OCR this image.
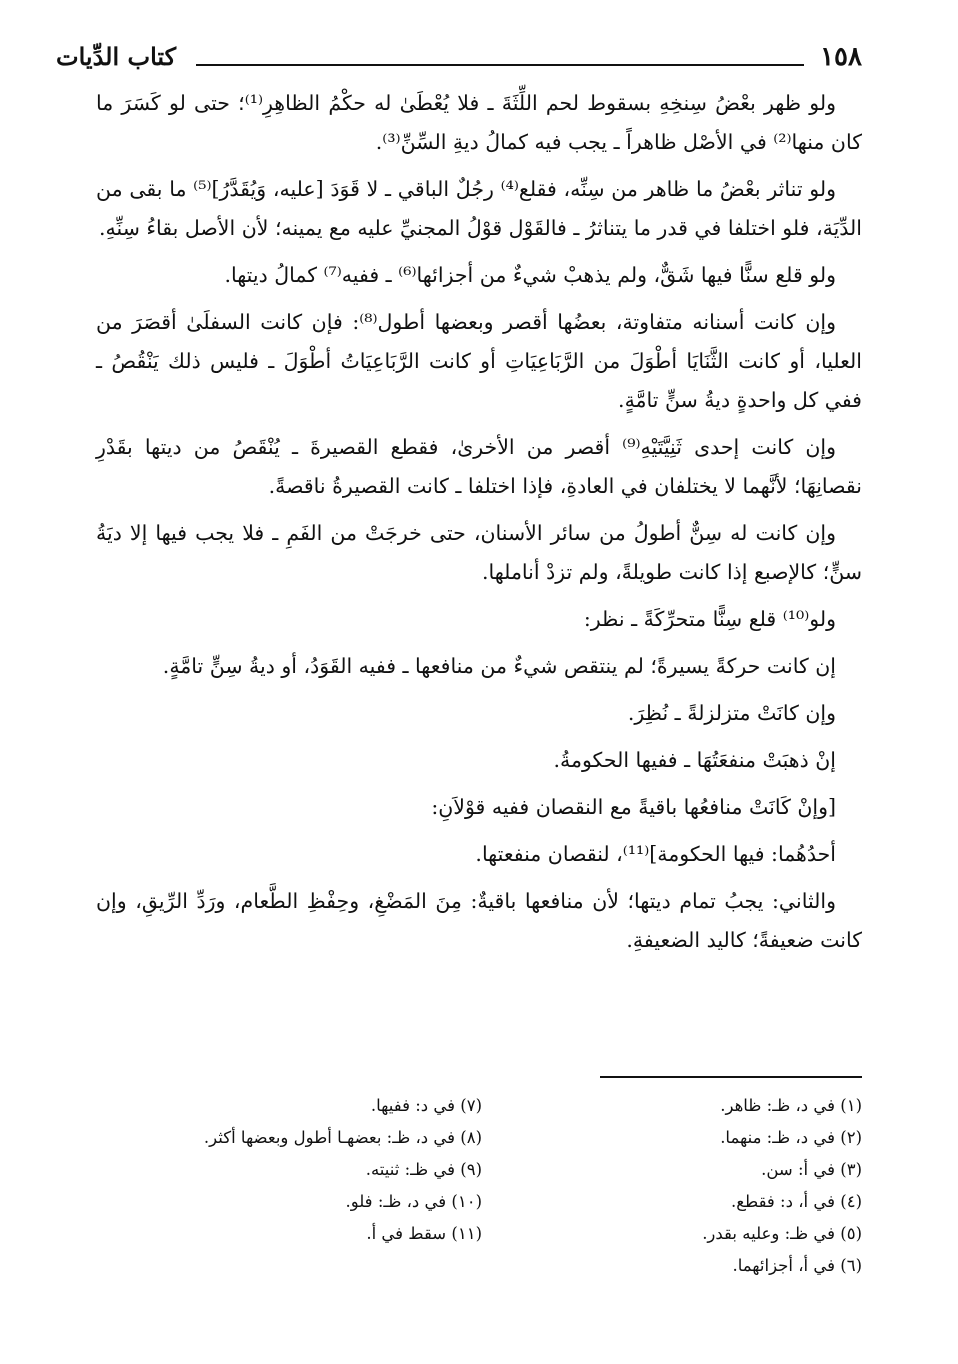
١٥٨
كتاب الدِّيات

ولو ظهر بعْضُ سِنخِهِ بسقوط لحم اللِّثَةَ ـ فلا يُعْطَىٰ له حكْمُ الظاهِرِ⁽¹⁾؛ حتى لو كَسَرَ ما كان منها⁽²⁾ في الأصْل ظاهراً ـ يجب فيه كمالُ ديةِ السِّنِّ⁽³⁾.

ولو تناثر بعْضُ ما ظاهر من سِنِّه، فقلع⁽⁴⁾ رجُلٌ الباقي ـ لا قَوَدَ [عليه، وَيُقَدَّرُ]⁽⁵⁾ ما بقى من الدِّيَة، فلو اختلفا في قدر ما يتناثرُ ـ فالقَوْل قوْلُ المجنيِّ عليه مع يمينه؛ لأن الأصل بقاءُ سِنِّهِ.

ولو قلع سنًّا فيها شَقٌّ، ولم يذهبْ شيءٌ من أجزائها⁽⁶⁾ ـ ففيه⁽⁷⁾ كمالُ ديتها.

وإن كانت أسنانه متفاوتة، بعضُها أقصر وبعضها أطول⁽⁸⁾: فإن كانت السفلَىٰ أقصَرَ من العليا، أو كانت الثَّنَايَا أطْوَلَ من الرَّبَاعِيَاتِ أو كانت الرَّبَاعِيَاتُ أطْوَلَ ـ فليس ذلك يَنْقُصُ ـ ففي كل واحدةٍ ديةُ سنٍّ تامَّةٍ.

وإن كانت إحدى ثَنِيَّتَيْهِ⁽⁹⁾ أقصر من الأخرىٰ، فقطع القصيرةَ ـ يُنْقَصُ من ديتها بقَدْرِ نقصانِهَا؛ لأنَّهما لا يختلفان في العادةِ، فإذا اختلفا ـ كانت القصيرةُ ناقصةً.

وإن كانت له سِنٌّ أطولُ من سائر الأسنان، حتى خرجَتْ من الفَمِ ـ فلا يجب فيها إلا ديَةُ سنٍّ؛ كالإصبع إذا كانت طويلةً، ولم تزدْ أناملها.

ولو⁽¹⁰⁾ قلع سِنًّا متحرِّكَةً ـ نظر:

إن كانت حركةً يسيرةً؛ لم ينتقص شيءٌ من منافعها ـ ففيه القَوَدُ، أو ديةُ سِنٍّ تامَّةٍ.

وإن كانَتْ متزلزلةً ـ نُظِرَ.

إنْ ذهبَتْ منفعَتُهَا ـ ففيها الحكومةُ.

[وإنْ كَانَتْ منافعُها باقيةً مع النقصان ففيه قوْلاَنِ:

أحدُهُما: فيها الحكومة]⁽¹¹⁾، لنقصان منفعتها.

والثاني: يجبُ تمام ديتها؛ لأن منافعها باقيةٌ: مِنَ المَضْغِ، وحِفْظِ الطَّعام، ورَدِّ الرِّيقِ، وإن كانت ضعيفةً؛ كاليد الضعيفةِ.

(١) في د، ظـ: ظاهر.
(٢) في د، ظـ: منهما.
(٣) في أ: سن.
(٤) في أ، د: فقطع.
(٥) في ظـ: وعليه بقدر.
(٦) في أ، أجزائهما.
(٧) في د: ففيها.
(٨) في د، ظـ: بعضهـا أطول وبعضها أكثر.
(٩) في ظـ: ثنيته.
(١٠) في د، ظـ: فلو.
(١١) سقط في أ.
